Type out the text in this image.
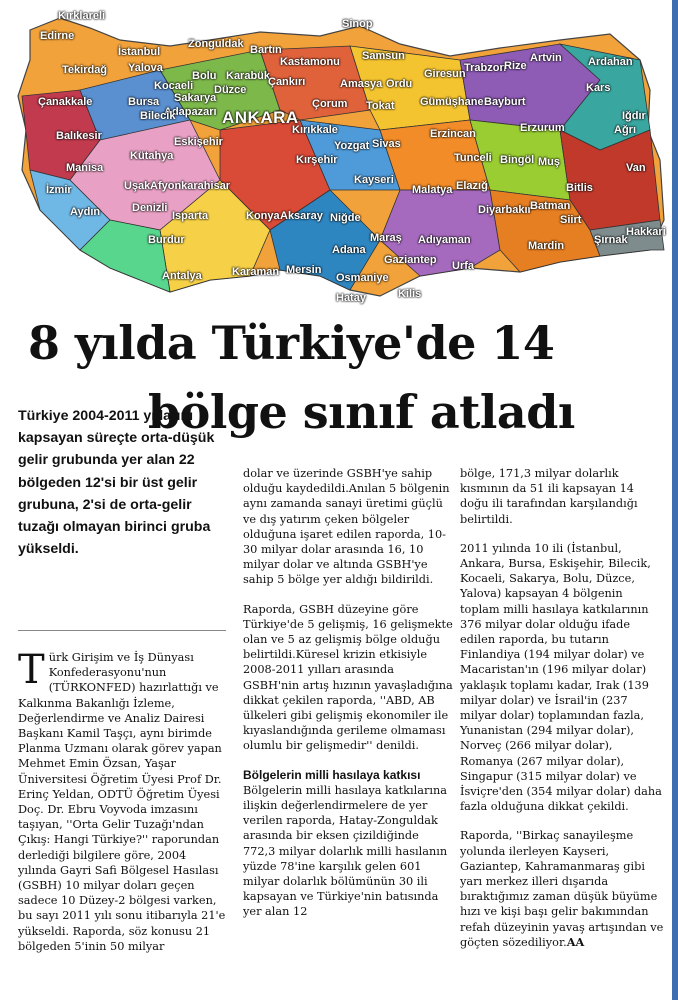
Kırklareli
Edirne
Sinop
İstanbul
Zonguldak Bartın
Kastamonu Samsun	Artvin Ardahan
Tekirdağ Yalova
Bolu Karabük
Çankırı	Amasya Ordu
Giresun
Trabzon
Rize
Kocaeli
Sakarya
Düzce
Çorum Tokat Gümüşhane Bayburt
Kars
Çanakkale	Bursa
Adapazarı
Bilecik	ANKARA
Kırıkkale	Erzincan	Erzurum
Iğdır
Ağrı
Balıkesir	Eskişehir	Yozgat Sivas
Tunceli Bingöl Muş
Kütahya	Kırşehir
Manisa
Uşak Afyonkarahisar	Kayseri
Malatya Elazığ	Bitlis
Van
İzmir
Aydın	Denizli
Isparta	Konya Aksaray Niğde
Maraş Adıyaman
Diyarbakır
Batman
Siirt
Şırnak
Hakkari
Burdur
Karaman Mersin
Adana
Osmaniye
Gaziantep Urfa
Mardin
Antalya
Hatay	Kilis
8 yılda Türkiye'de 14
bölge sınıf atladı
Türkiye 2004-2011 yıllarını kapsayan süreçte orta-düşük gelir grubunda yer alan 22 bölgeden 12'si bir üst gelir grubuna, 2'si de orta-gelir tuzağı olmayan birinci gruba yükseldi.

Türk Girişim ve İş Dünyası Konfederasyonu'nun (TÜRKONFED) hazırlattığı ve Kalkınma Bakanlığı İzleme, Değerlendirme ve Analiz Dairesi Başkanı Kamil Taşçı, aynı birimde Planma Uzmanı olarak görev yapan Mehmet Emin Özsan, Yaşar Üniversitesi Öğretim Üyesi Prof Dr. Erinç Yeldan, ODTÜ Öğretim Üyesi Doç. Dr. Ebru Voyvoda imzasını taşıyan, ''Orta Gelir Tuzağı'ndan Çıkış: Hangi Türkiye?'' raporundan derlediği bilgilere göre, 2004 yılında Gayri Safi Bölgesel Hasılası (GSBH) 10 milyar doları geçen sadece 10 Düzey-2 bölgesi varken, bu sayı 2011 yılı sonu itibarıyla 21'e yükseldi. Raporda, söz konusu 21 bölgeden 5'inin 50 milyar

dolar ve üzerinde GSBH'ye sahip olduğu kaydedildi.Anılan 5 bölgenin aynı zamanda sanayi üretimi güçlü ve dış yatırım çeken bölgeler olduğuna işaret edilen raporda, 10-30 milyar dolar arasında 16, 10 milyar dolar ve altında GSBH'ye sahip 5 bölge yer aldığı bildirildi.

Raporda, GSBH düzeyine göre Türkiye'de 5 gelişmiş, 16 gelişmekte olan ve 5 az gelişmiş bölge olduğu belirtildi.Küresel krizin etkisiyle 2008-2011 yılları arasında GSBH'nin artış hızının yavaşladığına dikkat çekilen raporda, ''ABD, AB ülkeleri gibi gelişmiş ekonomiler ile kıyaslandığında gerileme olmaması olumlu bir gelişmedir'' denildi.

Bölgelerin milli hasılaya katkısı

Bölgelerin milli hasılaya katkılarına ilişkin değerlendirmelere de yer verilen raporda, Hatay-Zonguldak arasında bir eksen çizildiğinde 772,3 milyar dolarlık milli hasılanın yüzde 78'ine karşılık gelen 601 milyar dolarlık bölümünün 30 ili kapsayan ve Türkiye'nin batısında yer alan 12

bölge, 171,3 milyar dolarlık kısmının da 51 ili kapsayan 14 doğu ili tarafından karşılandığı belirtildi.

2011 yılında 10 ili (İstanbul, Ankara, Bursa, Eskişehir, Bilecik, Kocaeli, Sakarya, Bolu, Düzce, Yalova) kapsayan 4 bölgenin toplam milli hasılaya katkılarının 376 milyar dolar olduğu ifade edilen raporda, bu tutarın Finlandiya (194 milyar dolar) ve Macaristan'ın (196 milyar dolar) yaklaşık toplamı kadar, Irak (139 milyar dolar) ve İsrail'in (237 milyar dolar) toplamından fazla, Yunanistan (294 milyar dolar), Norveç (266 milyar dolar), Romanya (267 milyar dolar), Singapur (315 milyar dolar) ve İsviçre'den (354 milyar dolar) daha fazla olduğuna dikkat çekildi.

Raporda, ''Birkaç sanayileşme yolunda ilerleyen Kayseri, Gaziantep, Kahramanmaraş gibi yarı merkez illeri dışarıda bıraktığımız zaman düşük büyüme hızı ve kişi başı gelir bakımından refah düzeyinin yavaş artışından ve göçten sözediliyor.AA
